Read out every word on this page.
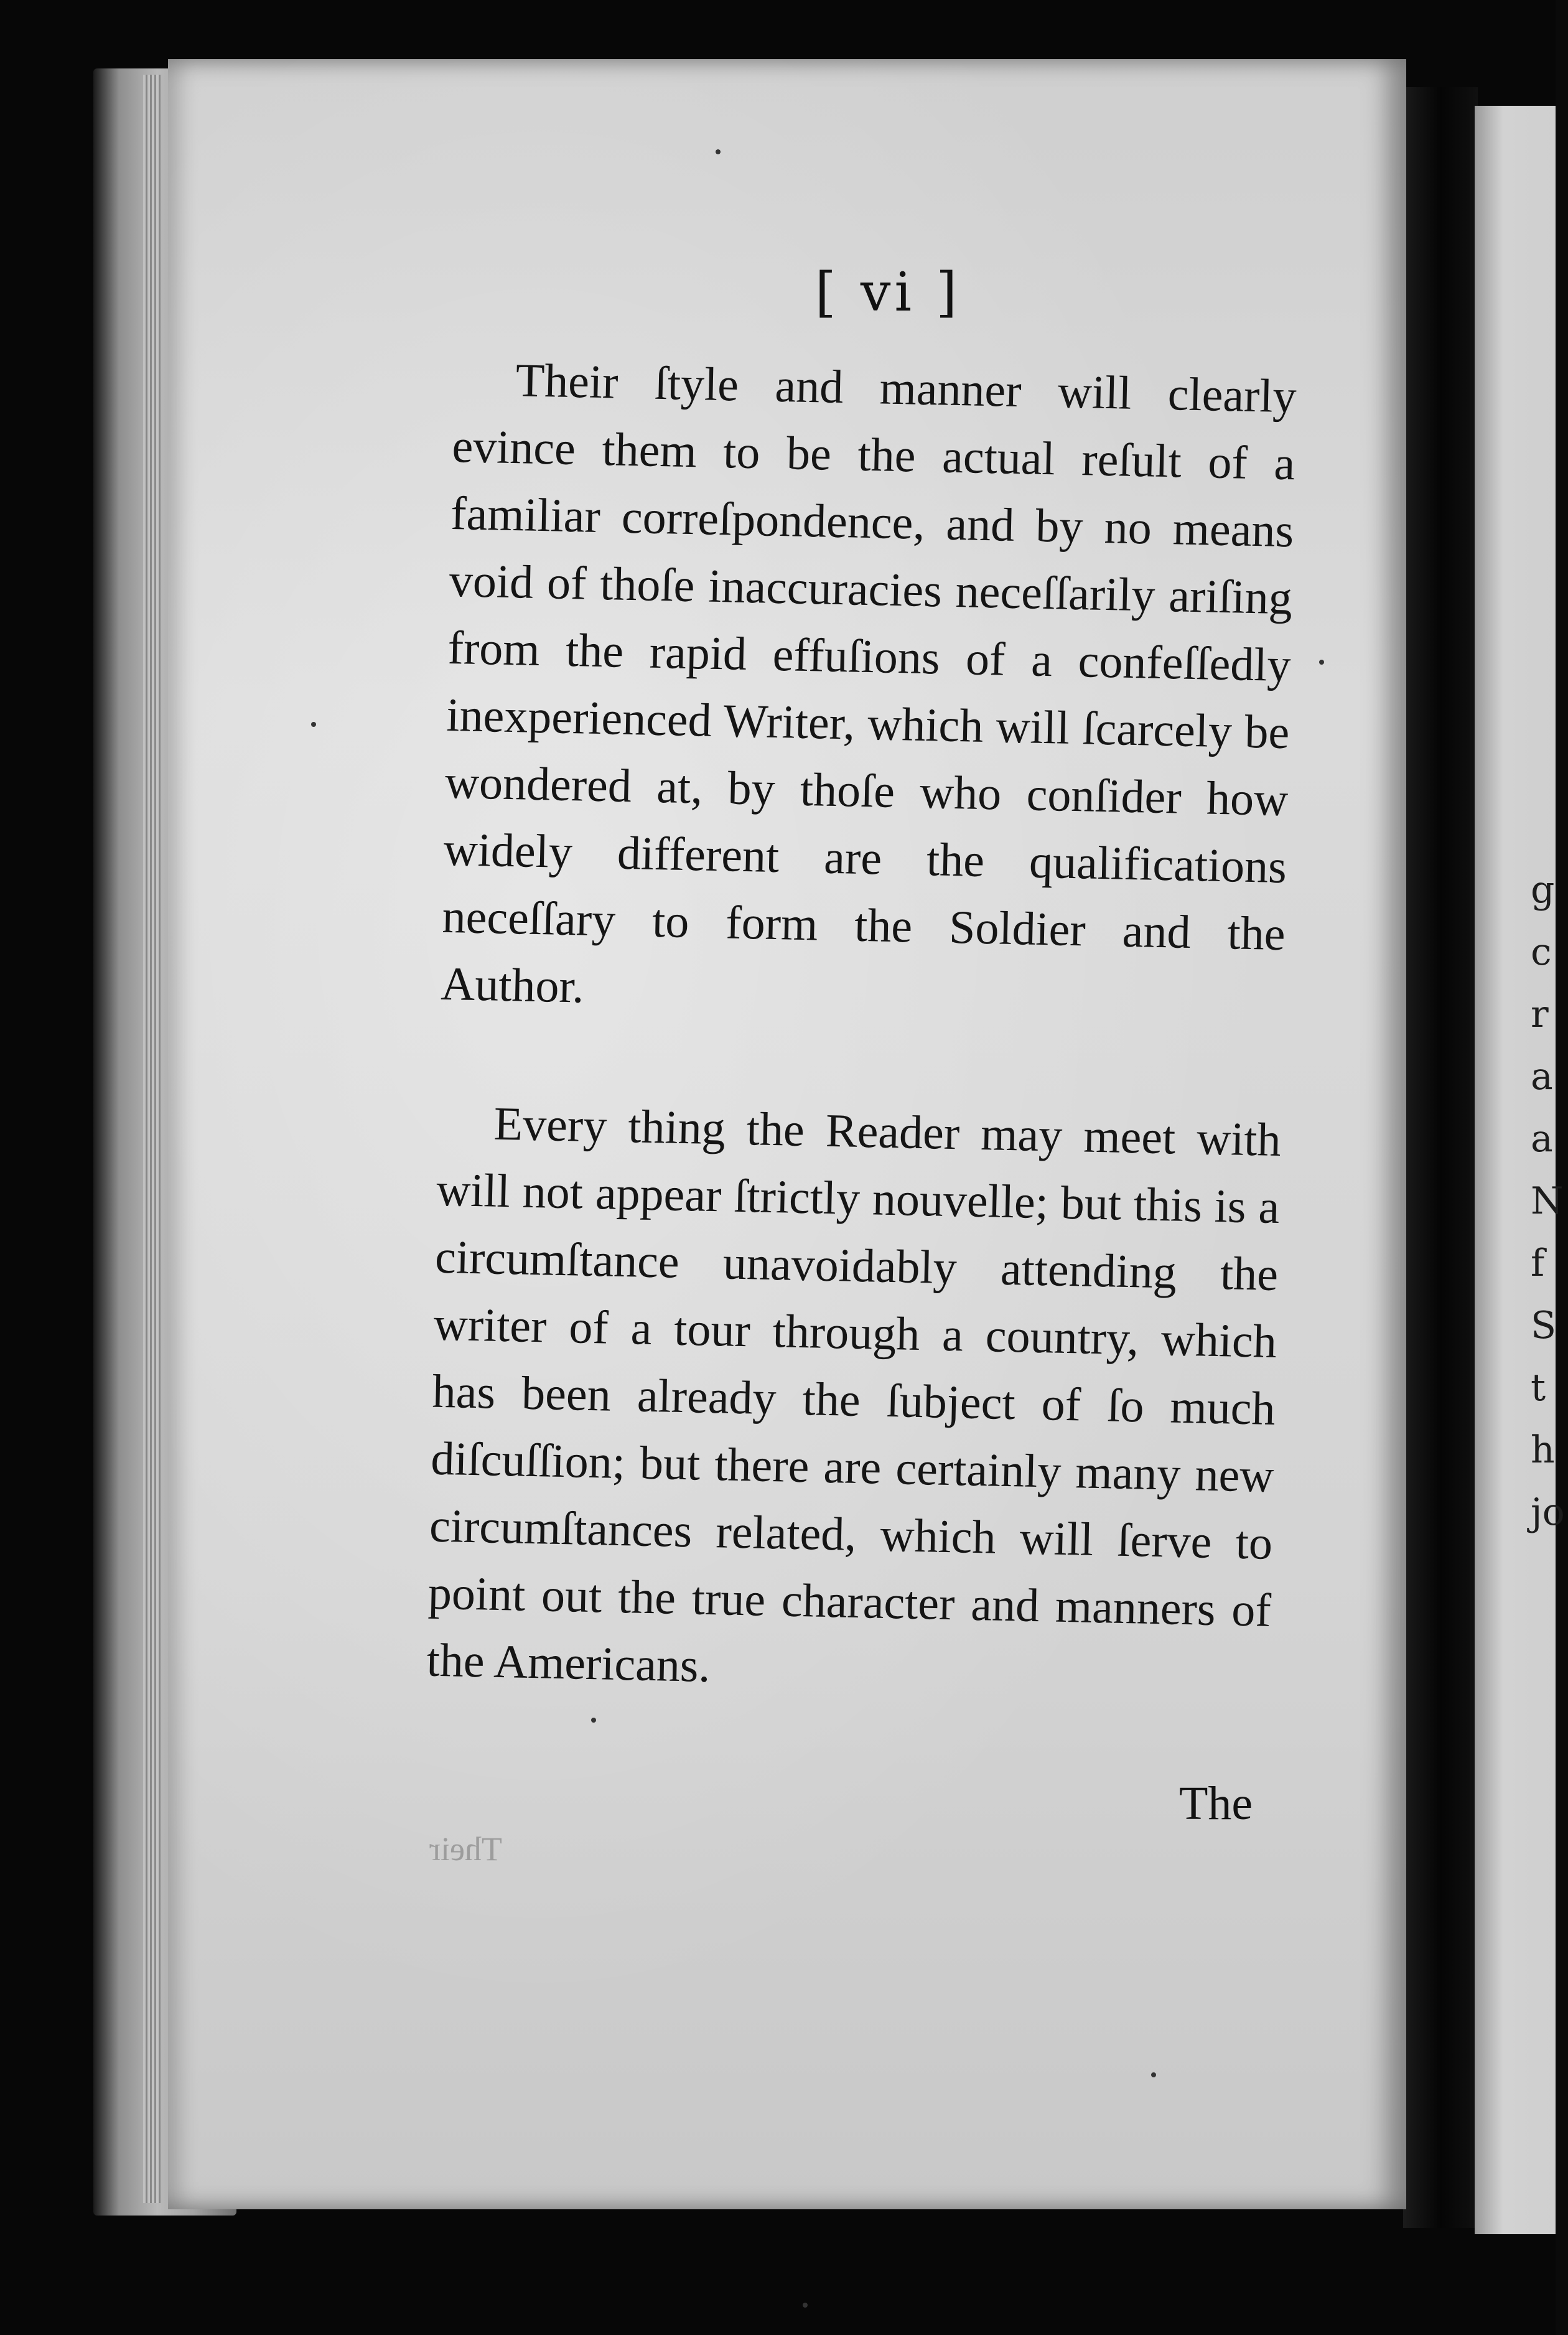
g
c
r
a
a
N
f
S
t
h
jo
[ vi ]

Their ſtyle and manner will clearly evince them to be the actual reſult of a familiar correſpondence, and by no means void of thoſe inaccuracies neceſſarily ariſing from the rapid effuſions of a confeſſedly inexperienced Writer, which will ſcarcely be wondered at, by thoſe who conſider how widely different are the qualifications neceſſary to form the Soldier and the Author.

Every thing the Reader may meet with will not appear ſtrictly nouvelle; but this is a circumſtance unavoidably attending the writer of a tour through a country, which has been already the ſubject of ſo much diſcuſſion; but there are certainly many new circumſtances related, which will ſerve to point out the true character and manners of the Americans.

The
Their
